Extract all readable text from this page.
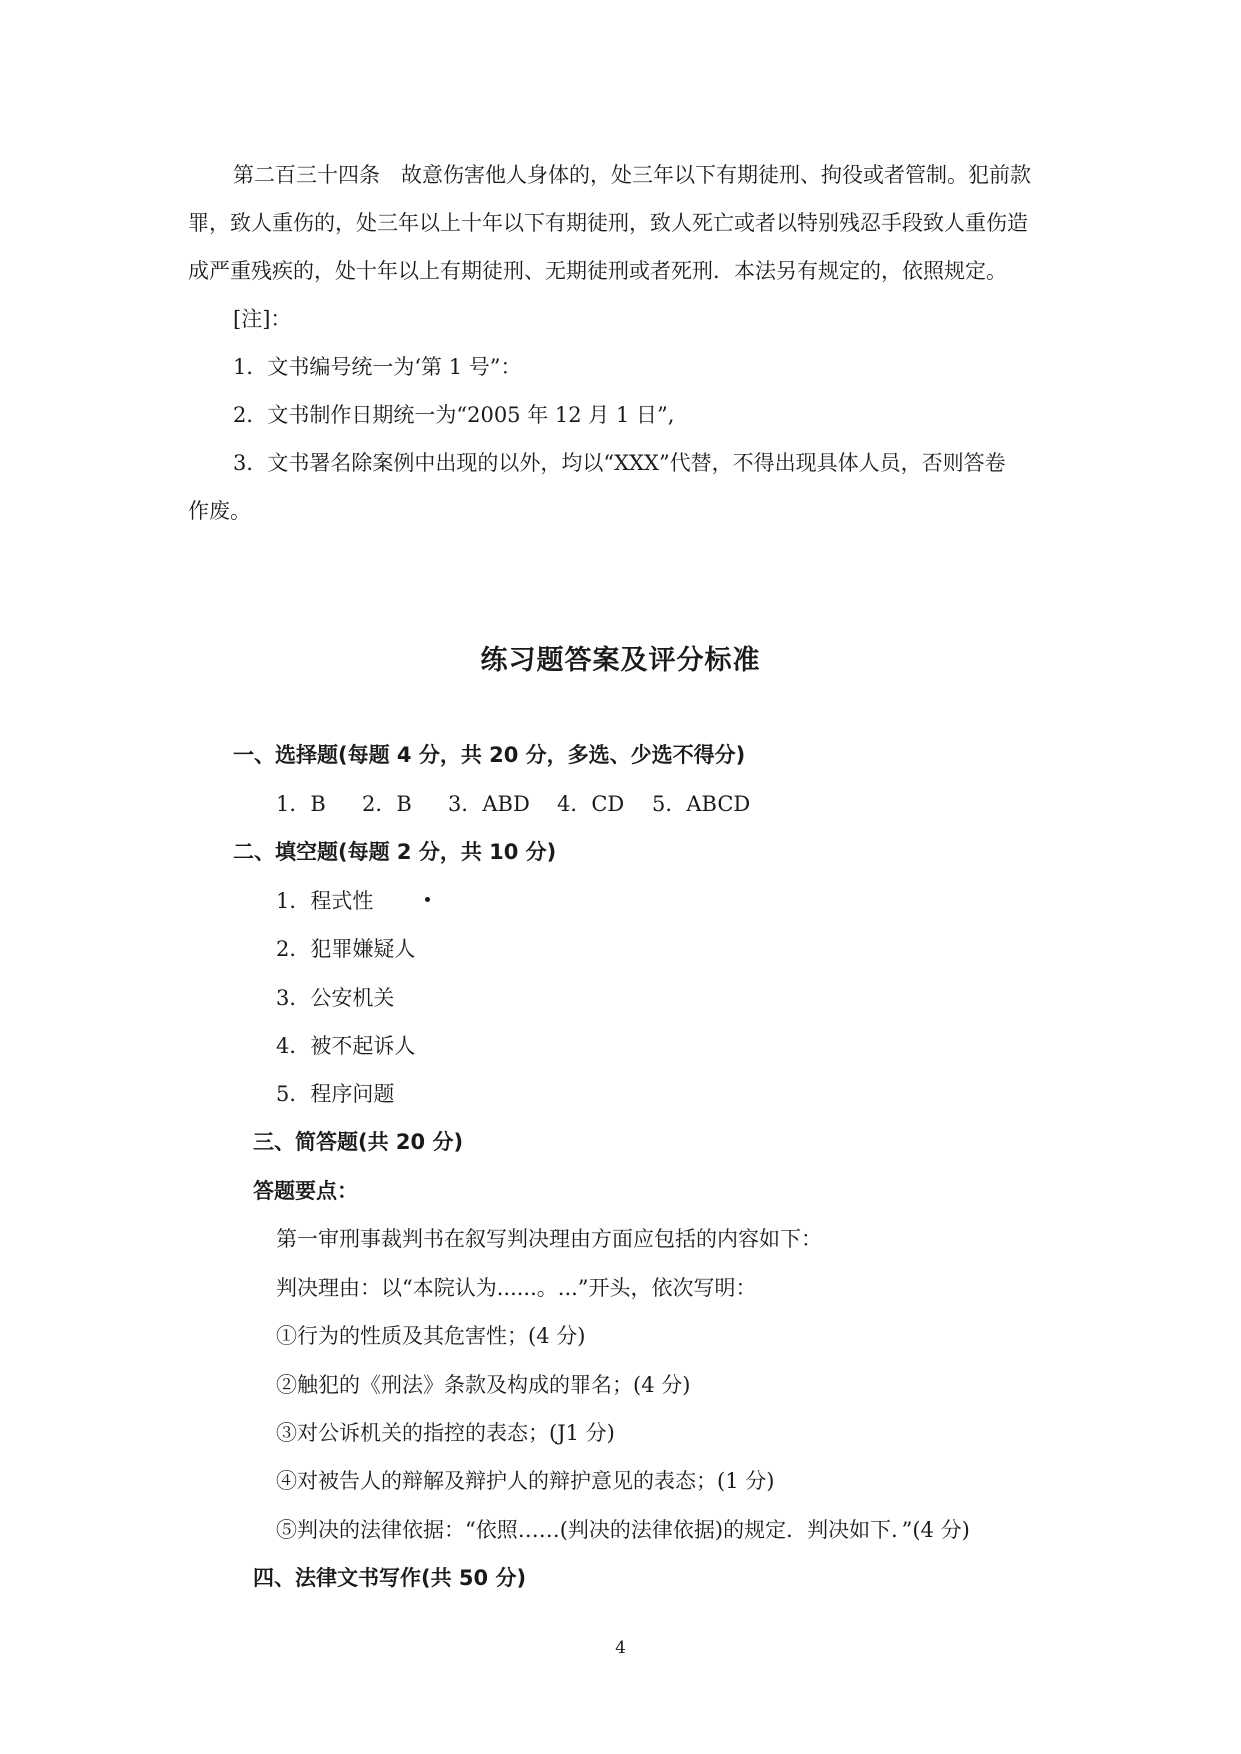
第二百三十四条　故意伤害他人身体的，处三年以下有期徒刑、拘役或者管制。犯前款
罪，致人重伤的，处三年以上十年以下有期徒刑，致人死亡或者以特别残忍手段致人重伤造
成严重残疾的，处十年以上有期徒刑、无期徒刑或者死刑．本法另有规定的，依照规定。
[注]：
1．文书编号统一为‘第 1 号”：
2．文书制作日期统一为“2005 年 12 月 1 日”,
3．文书署名除案例中出现的以外，均以“XXX”代替，不得出现具体人员，否则答卷
作废。
练习题答案及评分标准
一、选择题(每题 4 分，共 20 分，多选、少选不得分)
1．B 2．B 3．ABD 4．CD 5．ABCD
二、填空题(每题 2 分，共 10 分)
1．程式性
2．犯罪嫌疑人
3．公安机关
4．被不起诉人
5．程序问题
三、简答题(共 20 分)
答题要点：
第一审刑事裁判书在叙写判决理由方面应包括的内容如下：
判决理由：以“本院认为......。...”开头，依次写明：
①行为的性质及其危害性；(4 分)
②触犯的《刑法》条款及构成的罪名；(4 分)
③对公诉机关的指控的表态；(J1 分)
④对被告人的辩解及辩护人的辩护意见的表态；(1 分)
⑤判决的法律依据：“依照……(判决的法律依据)的规定．判决如下．”(4 分)
四、法律文书写作(共 50 分)
4
